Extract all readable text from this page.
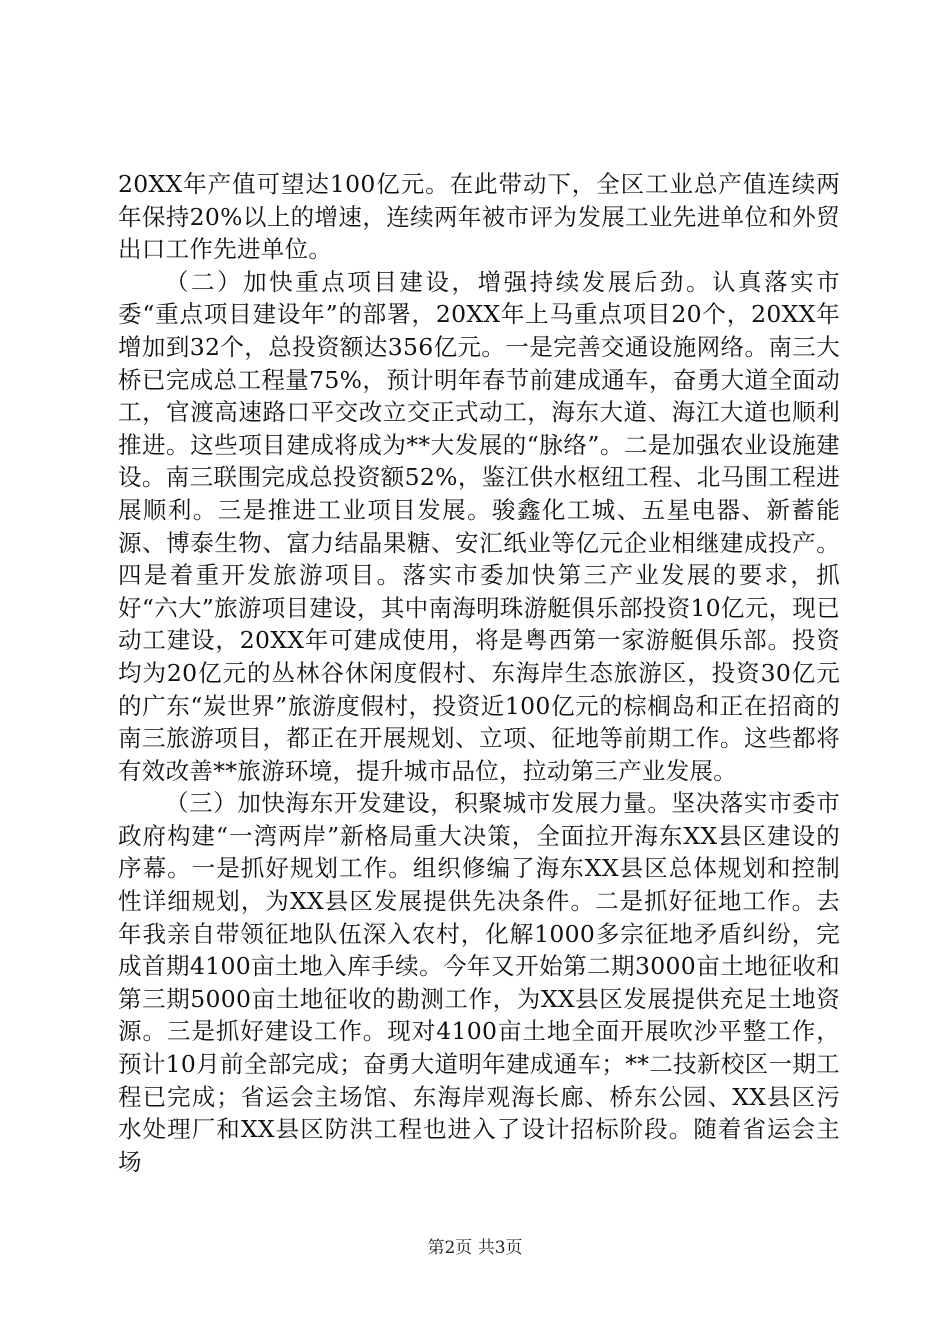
20XX年产值可望达100亿元。在此带动下，全区工业总产值连续两年保持20%以上的增速，连续两年被市评为发展工业先进单位和外贸出口工作先进单位。

（二）加快重点项目建设，增强持续发展后劲。认真落实市委“重点项目建设年”的部署，20XX年上马重点项目20个，20XX年增加到32个，总投资额达356亿元。一是完善交通设施网络。南三大桥已完成总工程量75%，预计明年春节前建成通车，奋勇大道全面动工，官渡高速路口平交改立交正式动工，海东大道、海江大道也顺利推进。这些项目建成将成为**大发展的“脉络”。二是加强农业设施建设。南三联围完成总投资额52%，鉴江供水枢纽工程、北马围工程进展顺利。三是推进工业项目发展。骏鑫化工城、五星电器、新蓄能源、博泰生物、富力结晶果糖、安汇纸业等亿元企业相继建成投产。四是着重开发旅游项目。落实市委加快第三产业发展的要求，抓好“六大”旅游项目建设，其中南海明珠游艇俱乐部投资10亿元，现已动工建设，20XX年可建成使用，将是粤西第一家游艇俱乐部。投资均为20亿元的丛林谷休闲度假村、东海岸生态旅游区，投资30亿元的广东“炭世界”旅游度假村，投资近100亿元的棕榈岛和正在招商的南三旅游项目，都正在开展规划、立项、征地等前期工作。这些都将有效改善**旅游环境，提升城市品位，拉动第三产业发展。

（三）加快海东开发建设，积聚城市发展力量。坚决落实市委市政府构建“一湾两岸”新格局重大决策，全面拉开海东XX县区建设的序幕。一是抓好规划工作。组织修编了海东XX县区总体规划和控制性详细规划，为XX县区发展提供先决条件。二是抓好征地工作。去年我亲自带领征地队伍深入农村，化解1000多宗征地矛盾纠纷，完成首期4100亩土地入库手续。今年又开始第二期3000亩土地征收和第三期5000亩土地征收的勘测工作，为XX县区发展提供充足土地资源。三是抓好建设工作。现对4100亩土地全面开展吹沙平整工作，预计10月前全部完成；奋勇大道明年建成通车；**二技新校区一期工程已完成；省运会主场馆、东海岸观海长廊、桥东公园、XX县区污水处理厂和XX县区防洪工程也进入了设计招标阶段。随着省运会主场

第2页 共3页
